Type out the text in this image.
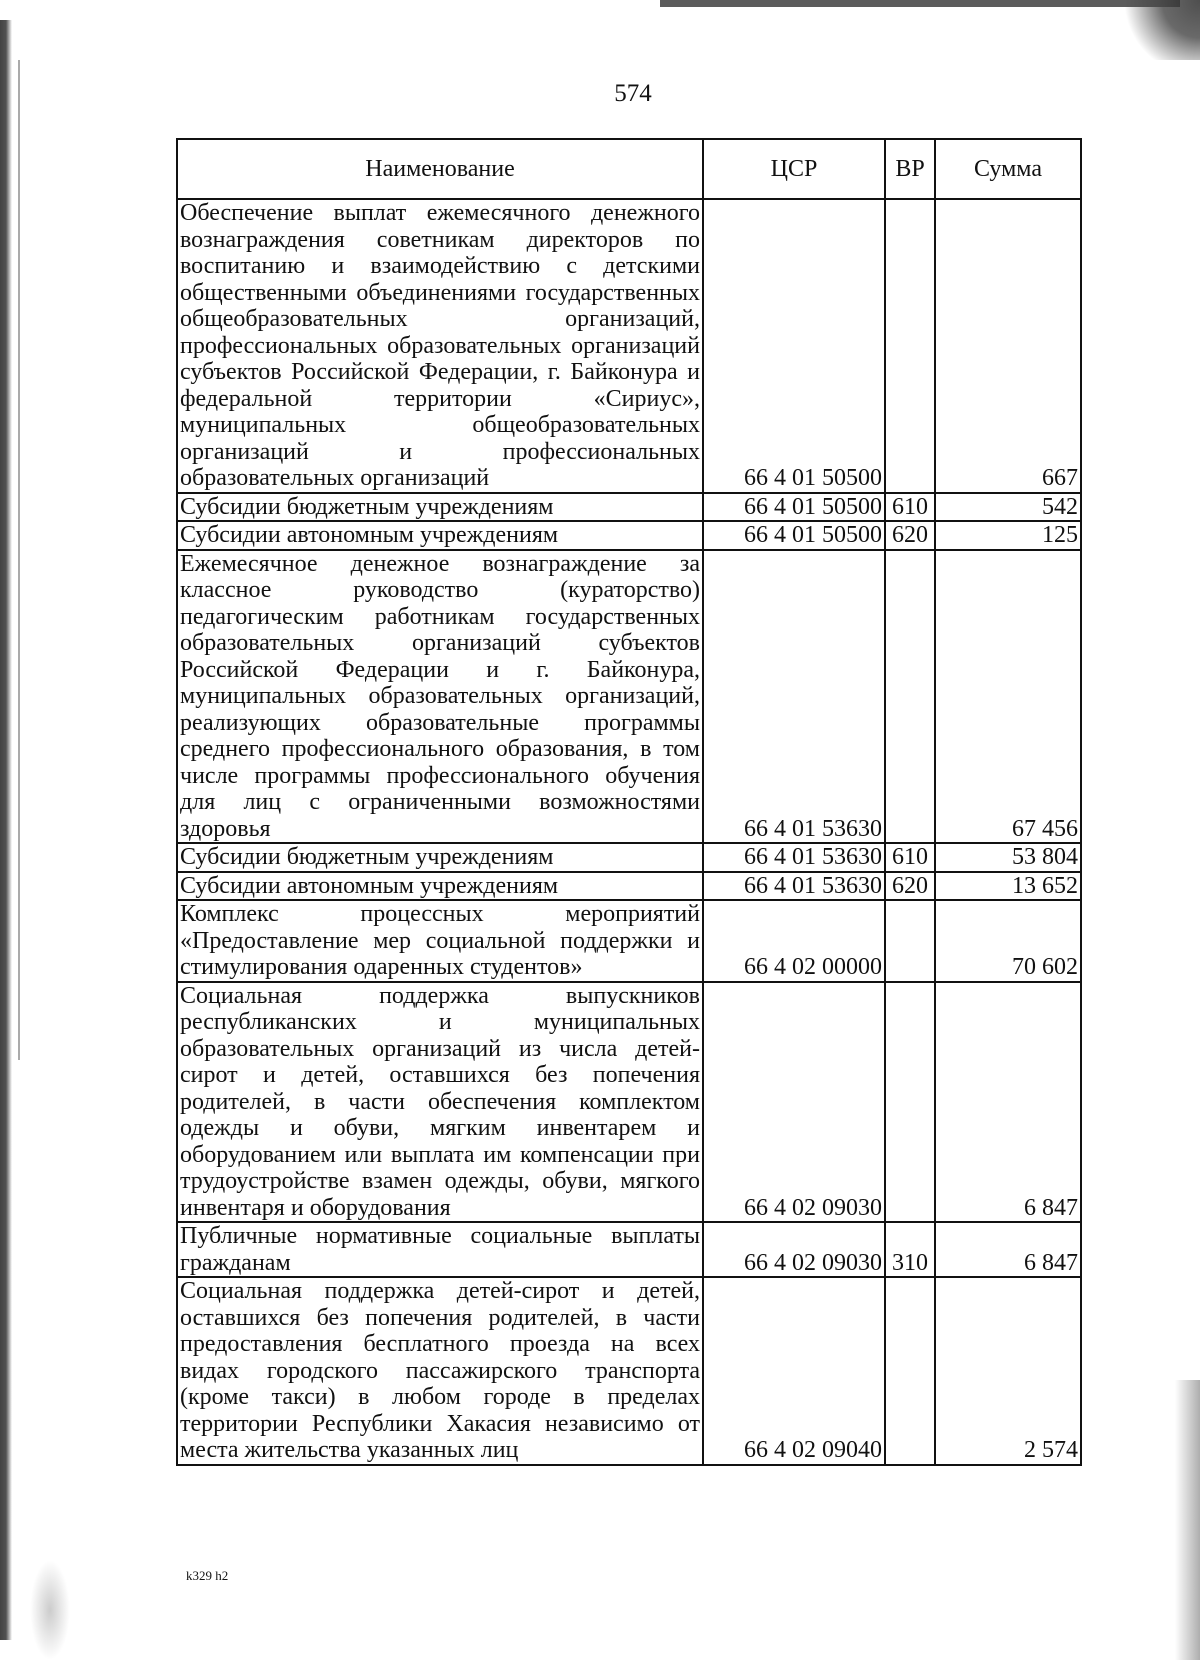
574
Наименование	ЦСР	ВР	Сумма
Обеспечение выплат ежемесячного денежного вознаграждения советникам директоров по воспитанию и взаимодействию с детскими общественными объединениями государственных общеобразовательных организаций, профессиональных образовательных организаций субъектов Российской Федерации, г. Байконура и федеральной территории «Сириус», муниципальных общеобразовательных организаций и профессиональных образовательных организаций	66 4 01 50500		667
Субсидии бюджетным учреждениям	66 4 01 50500	610	542
Субсидии автономным учреждениям	66 4 01 50500	620	125
Ежемесячное денежное вознаграждение за классное руководство (кураторство) педагогическим работникам государственных образовательных организаций субъектов Российской Федерации и г. Байконура, муниципальных образовательных организаций, реализующих образовательные программы среднего профессионального образования, в том числе программы профессионального обучения для лиц с ограниченными возможностями здоровья	66 4 01 53630		67 456
Субсидии бюджетным учреждениям	66 4 01 53630	610	53 804
Субсидии автономным учреждениям	66 4 01 53630	620	13 652
Комплекс процессных мероприятий «Предоставление мер социальной поддержки и стимулирования одаренных студентов»	66 4 02 00000		70 602
Социальная поддержка выпускников республиканских и муниципальных образовательных организаций из числа детей-сирот и детей, оставшихся без попечения родителей, в части обеспечения комплектом одежды и обуви, мягким инвентарем и оборудованием или выплата им компенсации при трудоустройстве взамен одежды, обуви, мягкого инвентаря и оборудования	66 4 02 09030		6 847
Публичные нормативные социальные выплаты гражданам	66 4 02 09030	310	6 847
Социальная поддержка детей-сирот и детей, оставшихся без попечения родителей, в части предоставления бесплатного проезда на всех видах городского пассажирского транспорта (кроме такси) в любом городе в пределах территории Республики Хакасия независимо от места жительства указанных лиц	66 4 02 09040		2 574
k329 h2
